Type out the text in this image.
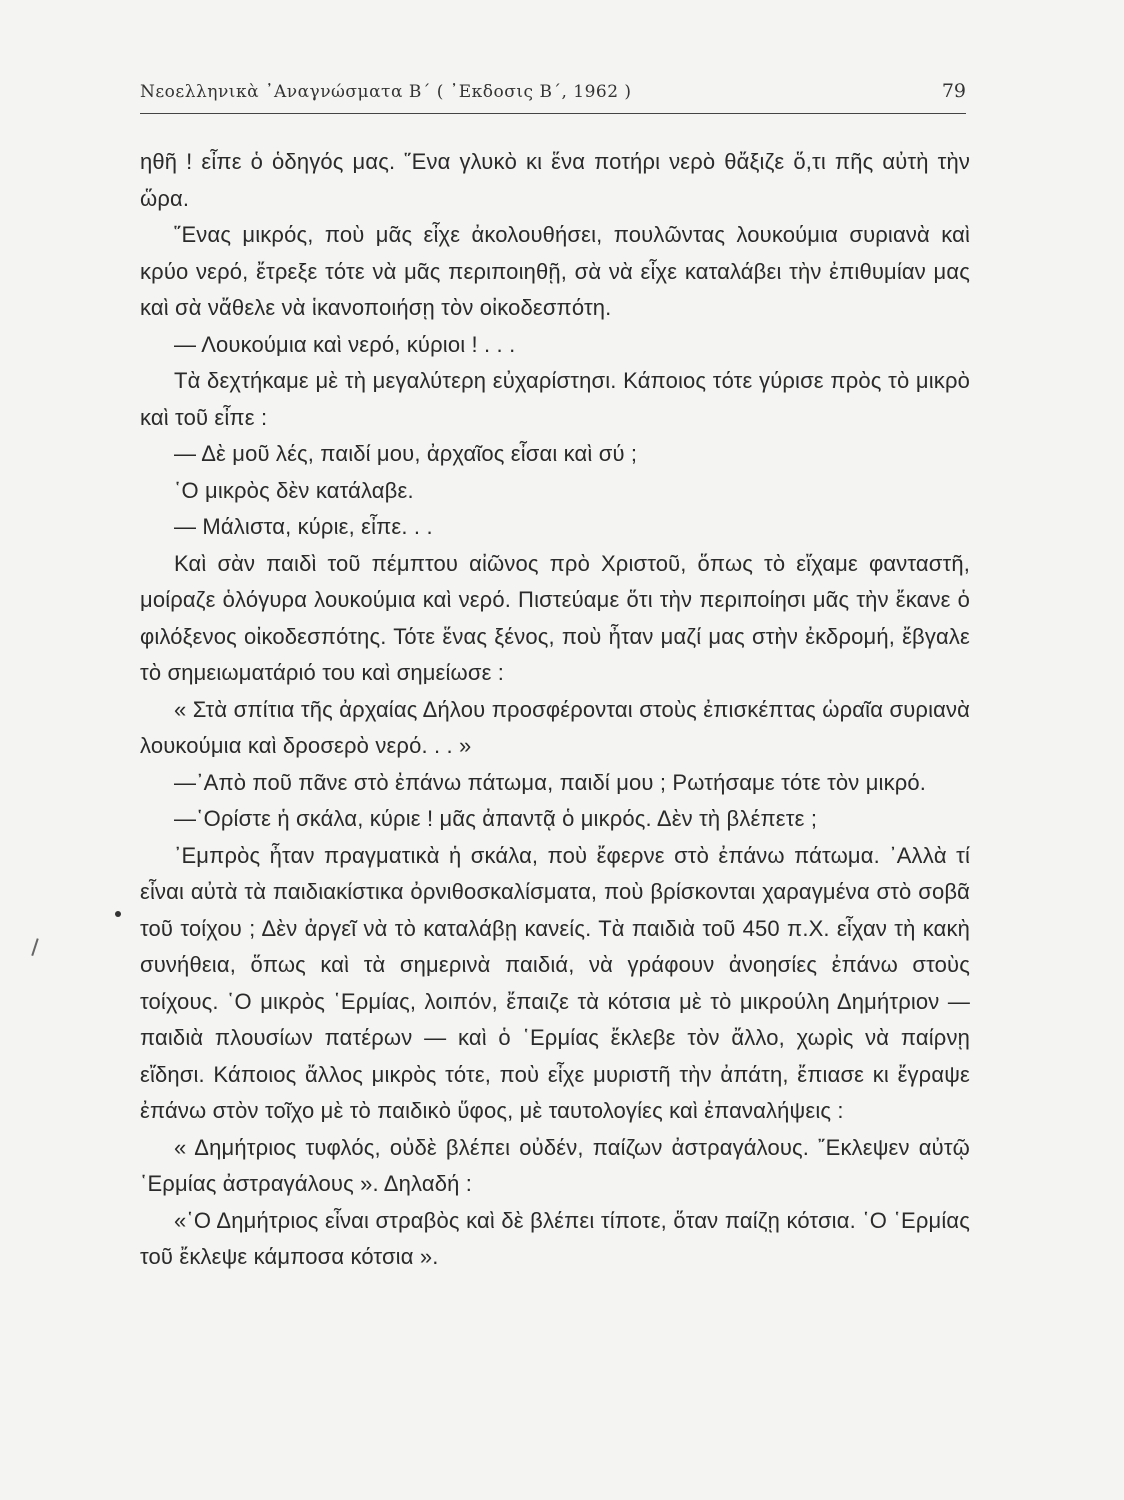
Νεοελληνικὰ ᾿Αναγνώσματα Β΄ ( ᾿Εκδοσις Β΄, 1962 )	79

ηθῆ ! εἶπε ὁ ὁδηγός μας. ῞Ενα γλυκὸ κι ἕνα ποτήρι νερὸ θἄξιζε ὅ,τι πῆς αὐτὴ τὴν ὥρα.

῞Ενας μικρός, ποὺ μᾶς εἶχε ἀκολουθήσει, πουλῶντας λουκούμια συριανὰ καὶ κρύο νερό, ἔτρεξε τότε νὰ μᾶς περιποιηθῇ, σὰ νὰ εἶχε καταλάβει τὴν ἐπιθυμίαν μας καὶ σὰ νἄθελε νὰ ἱκανοποιήσῃ τὸν οἰκοδεσπότη.

— Λουκούμια καὶ νερό, κύριοι ! . . .

Τὰ δεχτήκαμε μὲ τὴ μεγαλύτερη εὐχαρίστησι. Κάποιος τότε γύρισε πρὸς τὸ μικρὸ καὶ τοῦ εἶπε :

— Δὲ μοῦ λές, παιδί μου, ἀρχαῖος εἶσαι καὶ σύ ;

῾Ο μικρὸς δὲν κατάλαβε.

— Μάλιστα, κύριε, εἶπε. . .

Καὶ σὰν παιδὶ τοῦ πέμπτου αἰῶνος πρὸ Χριστοῦ, ὅπως τὸ εἴχαμε φανταστῆ, μοίραζε ὁλόγυρα λουκούμια καὶ νερό. Πιστεύαμε ὅτι τὴν περιποίησι μᾶς τὴν ἔκανε ὁ φιλόξενος οἰκοδεσπότης. Τότε ἕνας ξένος, ποὺ ἦταν μαζί μας στὴν ἐκδρομή, ἔβγαλε τὸ σημειωματάριό του καὶ σημείωσε :

« Στὰ σπίτια τῆς ἀρχαίας Δήλου προσφέρονται στοὺς ἐπισκέπτας ὡραῖα συριανὰ λουκούμια καὶ δροσερὸ νερό. . . »

—᾿Απὸ ποῦ πᾶνε στὸ ἐπάνω πάτωμα, παιδί μου ; Ρωτήσαμε τότε τὸν μικρό.

—῾Ορίστε ἡ σκάλα, κύριε ! μᾶς ἀπαντᾷ ὁ μικρός. Δὲν τὴ βλέπετε ;

᾿Εμπρὸς ἦταν πραγματικὰ ἡ σκάλα, ποὺ ἔφερνε στὸ ἐπάνω πάτωμα. ᾿Αλλὰ τί εἶναι αὐτὰ τὰ παιδιακίστικα ὀρνιθοσκαλίσματα, ποὺ βρίσκονται χαραγμένα στὸ σοβᾶ τοῦ τοίχου ; Δὲν ἀργεῖ νὰ τὸ καταλάβῃ κανείς. Τὰ παιδιὰ τοῦ 450 π.Χ. εἶχαν τὴ κακὴ συνήθεια, ὅπως καὶ τὰ σημερινὰ παιδιά, νὰ γράφουν ἀνοησίες ἐπάνω στοὺς τοίχους. ῾Ο μικρὸς ῾Ερμίας, λοιπόν, ἔπαιζε τὰ κότσια μὲ τὸ μικρούλη Δημήτριον — παιδιὰ πλουσίων πατέρων — καὶ ὁ ῾Ερμίας ἔκλεβε τὸν ἄλλο, χωρὶς νὰ παίρνῃ εἴδησι. Κάποιος ἄλλος μικρὸς τότε, ποὺ εἶχε μυριστῆ τὴν ἀπάτη, ἔπιασε κι ἔγραψε ἐπάνω στὸν τοῖχο μὲ τὸ παιδικὸ ὕφος, μὲ ταυτολογίες καὶ ἐπαναλήψεις :

« Δημήτριος τυφλός, οὐδὲ βλέπει οὐδέν, παίζων ἀστραγάλους. ῎Εκλεψεν αὐτῷ ῾Ερμίας ἀστραγάλους ». Δηλαδή :

«῾Ο Δημήτριος εἶναι στραβὸς καὶ δὲ βλέπει τίποτε, ὅταν παίζῃ κότσια. ῾Ο ῾Ερμίας τοῦ ἔκλεψε κάμποσα κότσια ».
